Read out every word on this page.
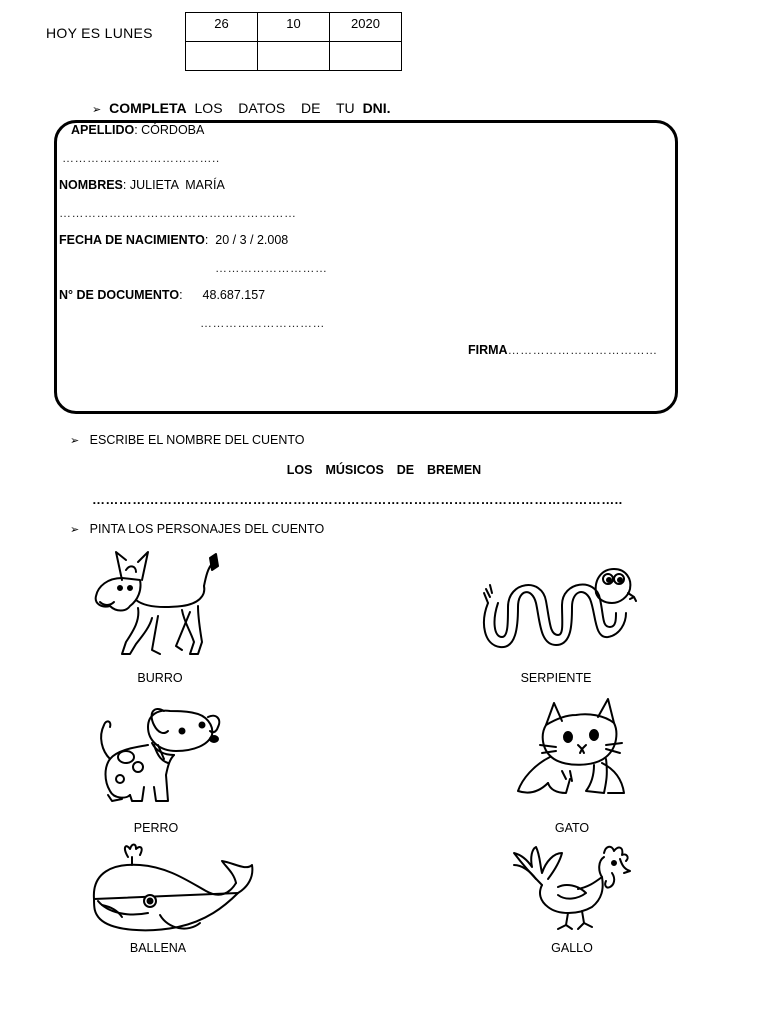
HOY ES LUNES
26	10	2020

➢ COMPLETA LOS  DATOS  DE  TU DNI.
APELLIDO: CÓRDOBA
………………………………..
NOMBRES: JULIETA  MARÍA
…………………………………………………
FECHA DE NACIMIENTO:  20 / 3 / 2.008
………………………
N° DE DOCUMENTO: 48.687.157
…………………………
FIRMA………………………………
➢ ESCRIBE EL NOMBRE DEL CUENTO
LOS  MÚSICOS  DE  BREMEN
………………………………………………………………………………………………………..
➢ PINTA LOS PERSONAJES DEL CUENTO
BURRO	SERPIENTE
PERRO	GATO
BALLENA	GALLO
